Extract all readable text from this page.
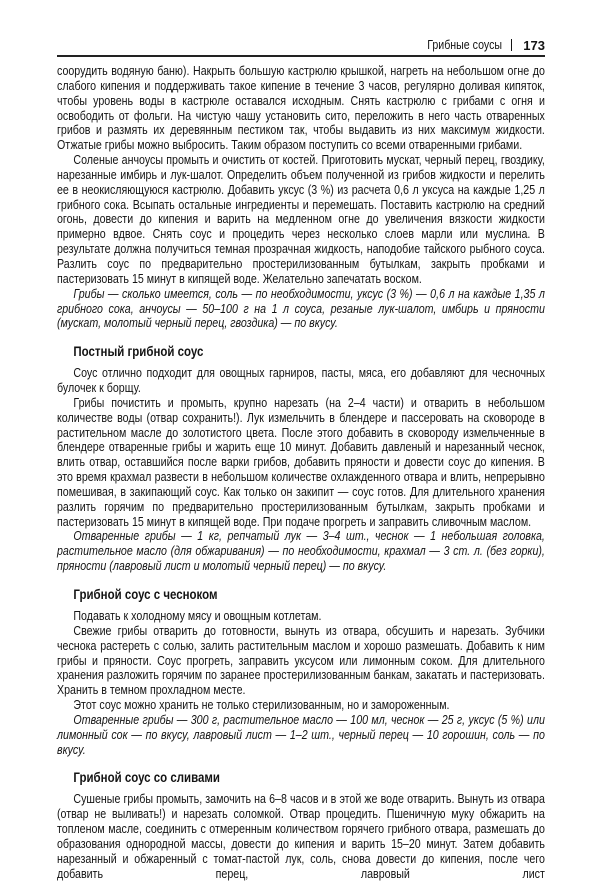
Грибные соусы 173

соорудить водяную баню). Накрыть большую кастрюлю крышкой, нагреть на небольшом огне до слабого кипения и поддерживать такое кипение в течение 3 часов, регулярно доливая кипяток, чтобы уровень воды в кастрюле оставался исходным. Снять кастрюлю с грибами с огня и освободить от фольги. На чистую чашу установить сито, переложить в него часть отваренных грибов и размять их деревянным пестиком так, чтобы выдавить из них максимум жидкости. Отжатые грибы можно выбросить. Таким образом поступить со всеми отваренными грибами.

Соленые анчоусы промыть и очистить от костей. Приготовить мускат, черный перец, гвоздику, нарезанные имбирь и лук-шалот. Определить объем полученной из грибов жидкости и перелить ее в неокисляющуюся кастрюлю. Добавить уксус (3 %) из расчета 0,6 л уксуса на каждые 1,25 л грибного сока. Всыпать остальные ингредиенты и перемешать. Поставить кастрюлю на средний огонь, довести до кипения и варить на медленном огне до увеличения вязкости жидкости примерно вдвое. Снять соус и процедить через несколько слоев марли или муслина. В результате должна получиться темная прозрачная жидкость, наподобие тайского рыбного соуса. Разлить соус по предварительно простерилизованным бутылкам, закрыть пробками и пастеризовать 15 минут в кипящей воде. Желательно запечатать воском.

Грибы — сколько имеется, соль — по необходимости, уксус (3 %) — 0,6 л на каждые 1,35 л грибного сока, анчоусы — 50–100 г на 1 л соуса, резаные лук-шалот, имбирь и пряности (мускат, молотый черный перец, гвоздика) — по вкусу.

Постный грибной соус

Соус отлично подходит для овощных гарниров, пасты, мяса, его добавляют для чесночных булочек к борщу.

Грибы почистить и промыть, крупно нарезать (на 2–4 части) и отварить в небольшом количестве воды (отвар сохранить!). Лук измельчить в блендере и пассеровать на сковороде в растительном масле до золотистого цвета. После этого добавить в сковороду измельченные в блендере отваренные грибы и жарить еще 10 минут. Добавить давленый и нарезанный чеснок, влить отвар, оставшийся после варки грибов, добавить пряности и довести соус до кипения. В это время крахмал развести в небольшом количестве охлажденного отвара и влить, непрерывно помешивая, в закипающий соус. Как только он закипит — соус готов. Для длительного хранения разлить горячим по предварительно простерилизованным бутылкам, закрыть пробками и пастеризовать 15 минут в кипящей воде. При подаче прогреть и заправить сливочным маслом.

Отваренные грибы — 1 кг, репчатый лук — 3–4 шт., чеснок — 1 небольшая головка, растительное масло (для обжаривания) — по необходимости, крахмал — 3 ст. л. (без горки), пряности (лавровый лист и молотый черный перец) — по вкусу.

Грибной соус с чесноком

Подавать к холодному мясу и овощным котлетам.

Свежие грибы отварить до готовности, вынуть из отвара, обсушить и нарезать. Зубчики чеснока растереть с солью, залить растительным маслом и хорошо размешать. Добавить к ним грибы и пряности. Соус прогреть, заправить уксусом или лимонным соком. Для длительного хранения разложить горячим по заранее простерилизованным банкам, закатать и пастеризовать. Хранить в темном прохладном месте.

Этот соус можно хранить не только стерилизованным, но и замороженным.

Отваренные грибы — 300 г, растительное масло — 100 мл, чеснок — 25 г, уксус (5 %) или лимонный сок — по вкусу, лавровый лист — 1–2 шт., черный перец — 10 горошин, соль — по вкусу.

Грибной соус со сливами

Сушеные грибы промыть, замочить на 6–8 часов и в этой же воде отварить. Вынуть из отвара (отвар не выливать!) и нарезать соломкой. Отвар процедить. Пшеничную муку обжарить на топленом масле, соединить с отмеренным количеством горячего грибного отвара, размешать до образования однородной массы, довести до кипения и варить 15–20 минут. Затем добавить нарезанный и обжаренный с томат-пастой лук, соль, снова довести до кипения, после чего добавить перец, лавровый лист
